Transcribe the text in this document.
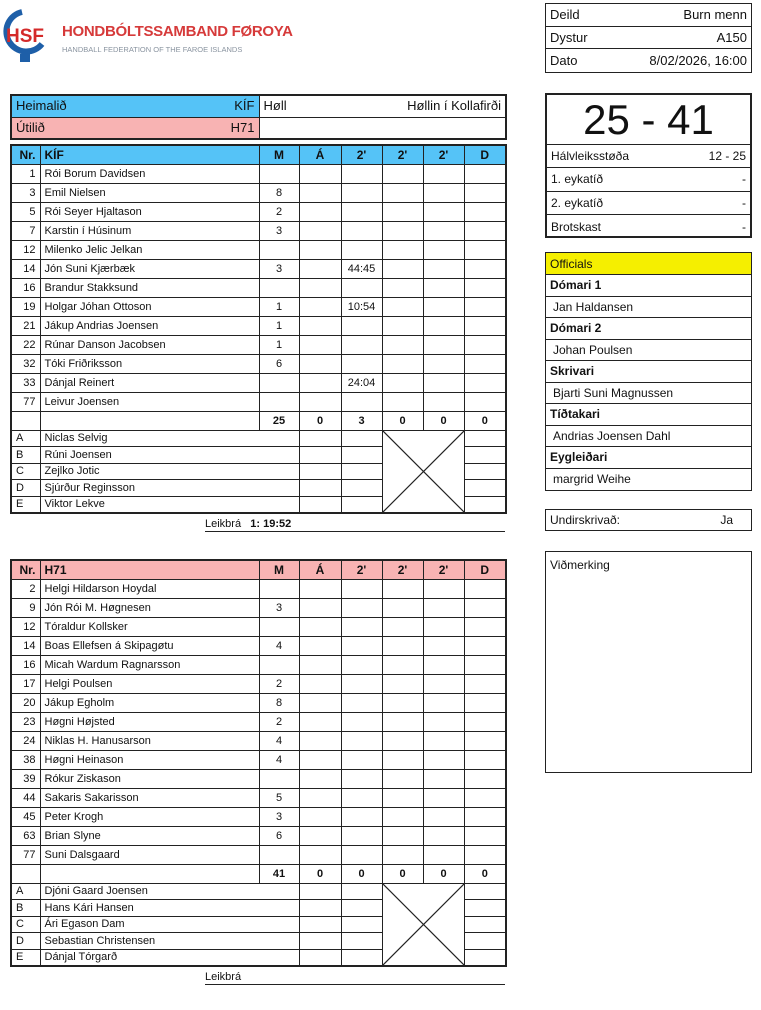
HSF HONDBÓLTSSAMBAND FØROYA
HANDBALL FEDERATION OF THE FAROE ISLANDS
Deild	Burn menn
Dystur	A150
Dato	8/02/2026, 16:00
Heimalið KÍF	Høll Høllin í Kollafirði

Útilið H71	

Nr.	KÍF	M	Á	2'	2'	2'	D
1	Rói Borum Davidsen						
3	Emil Nielsen	8					
5	Rói Seyer Hjaltason	2					
7	Karstin í Húsinum	3					
12	Milenko Jelic Jelkan						
14	Jón Suni Kjærbæk	3		44:45			
16	Brandur Stakksund						
19	Holgar Jóhan Ottoson	1		10:54			
21	Jákup Andrias Joensen	1					
22	Rúnar Danson Jacobsen	1					
32	Tóki Friðriksson	6					
33	Dánjal Reinert			24:04			
77	Leivur Joensen						
		25	0	3	0	0	0
A	Niclas Selvig			

B	Rúni Joensen						
C	Zejlko Jotic						
D	Sjúrður Reginsson						
E	Viktor Lekve						
Leikbrá 1: 19:52
Nr.	H71	M	Á	2'	2'	2'	D
2	Helgi Hildarson Hoydal						
9	Jón Rói M. Høgnesen	3					
12	Tóraldur Kollsker						
14	Boas Ellefsen á Skipagøtu	4					
16	Micah Wardum Ragnarsson						
17	Helgi Poulsen	2					
20	Jákup Egholm	8					
23	Høgni Højsted	2					
24	Niklas H. Hanusarson	4					
38	Høgni Heinason	4					
39	Rókur Ziskason						
44	Sakaris Sakarisson	5					
45	Peter Krogh	3					
63	Brian Slyne	6					
77	Suni Dalsgaard						
		41	0	0	0	0	0
A	Djóni Gaard Joensen			

B	Hans Kári Hansen						
C	Ári Egason Dam						
D	Sebastian Christensen						
E	Dánjal Tórgarð						
Leikbrá
25 - 41
Hálvleiksstøða	12 - 25
1. eykatíð	-
2. eykatíð	-
Brotskast	-
Officials
Dómari 1
Jan Haldansen
Dómari 2
Johan Poulsen
Skrivari
Bjarti Suni Magnussen
Tíðtakari
Andrias Joensen Dahl
Eygleiðari
margrid Weihe
Undirskrivað:	Ja
Viðmerking
